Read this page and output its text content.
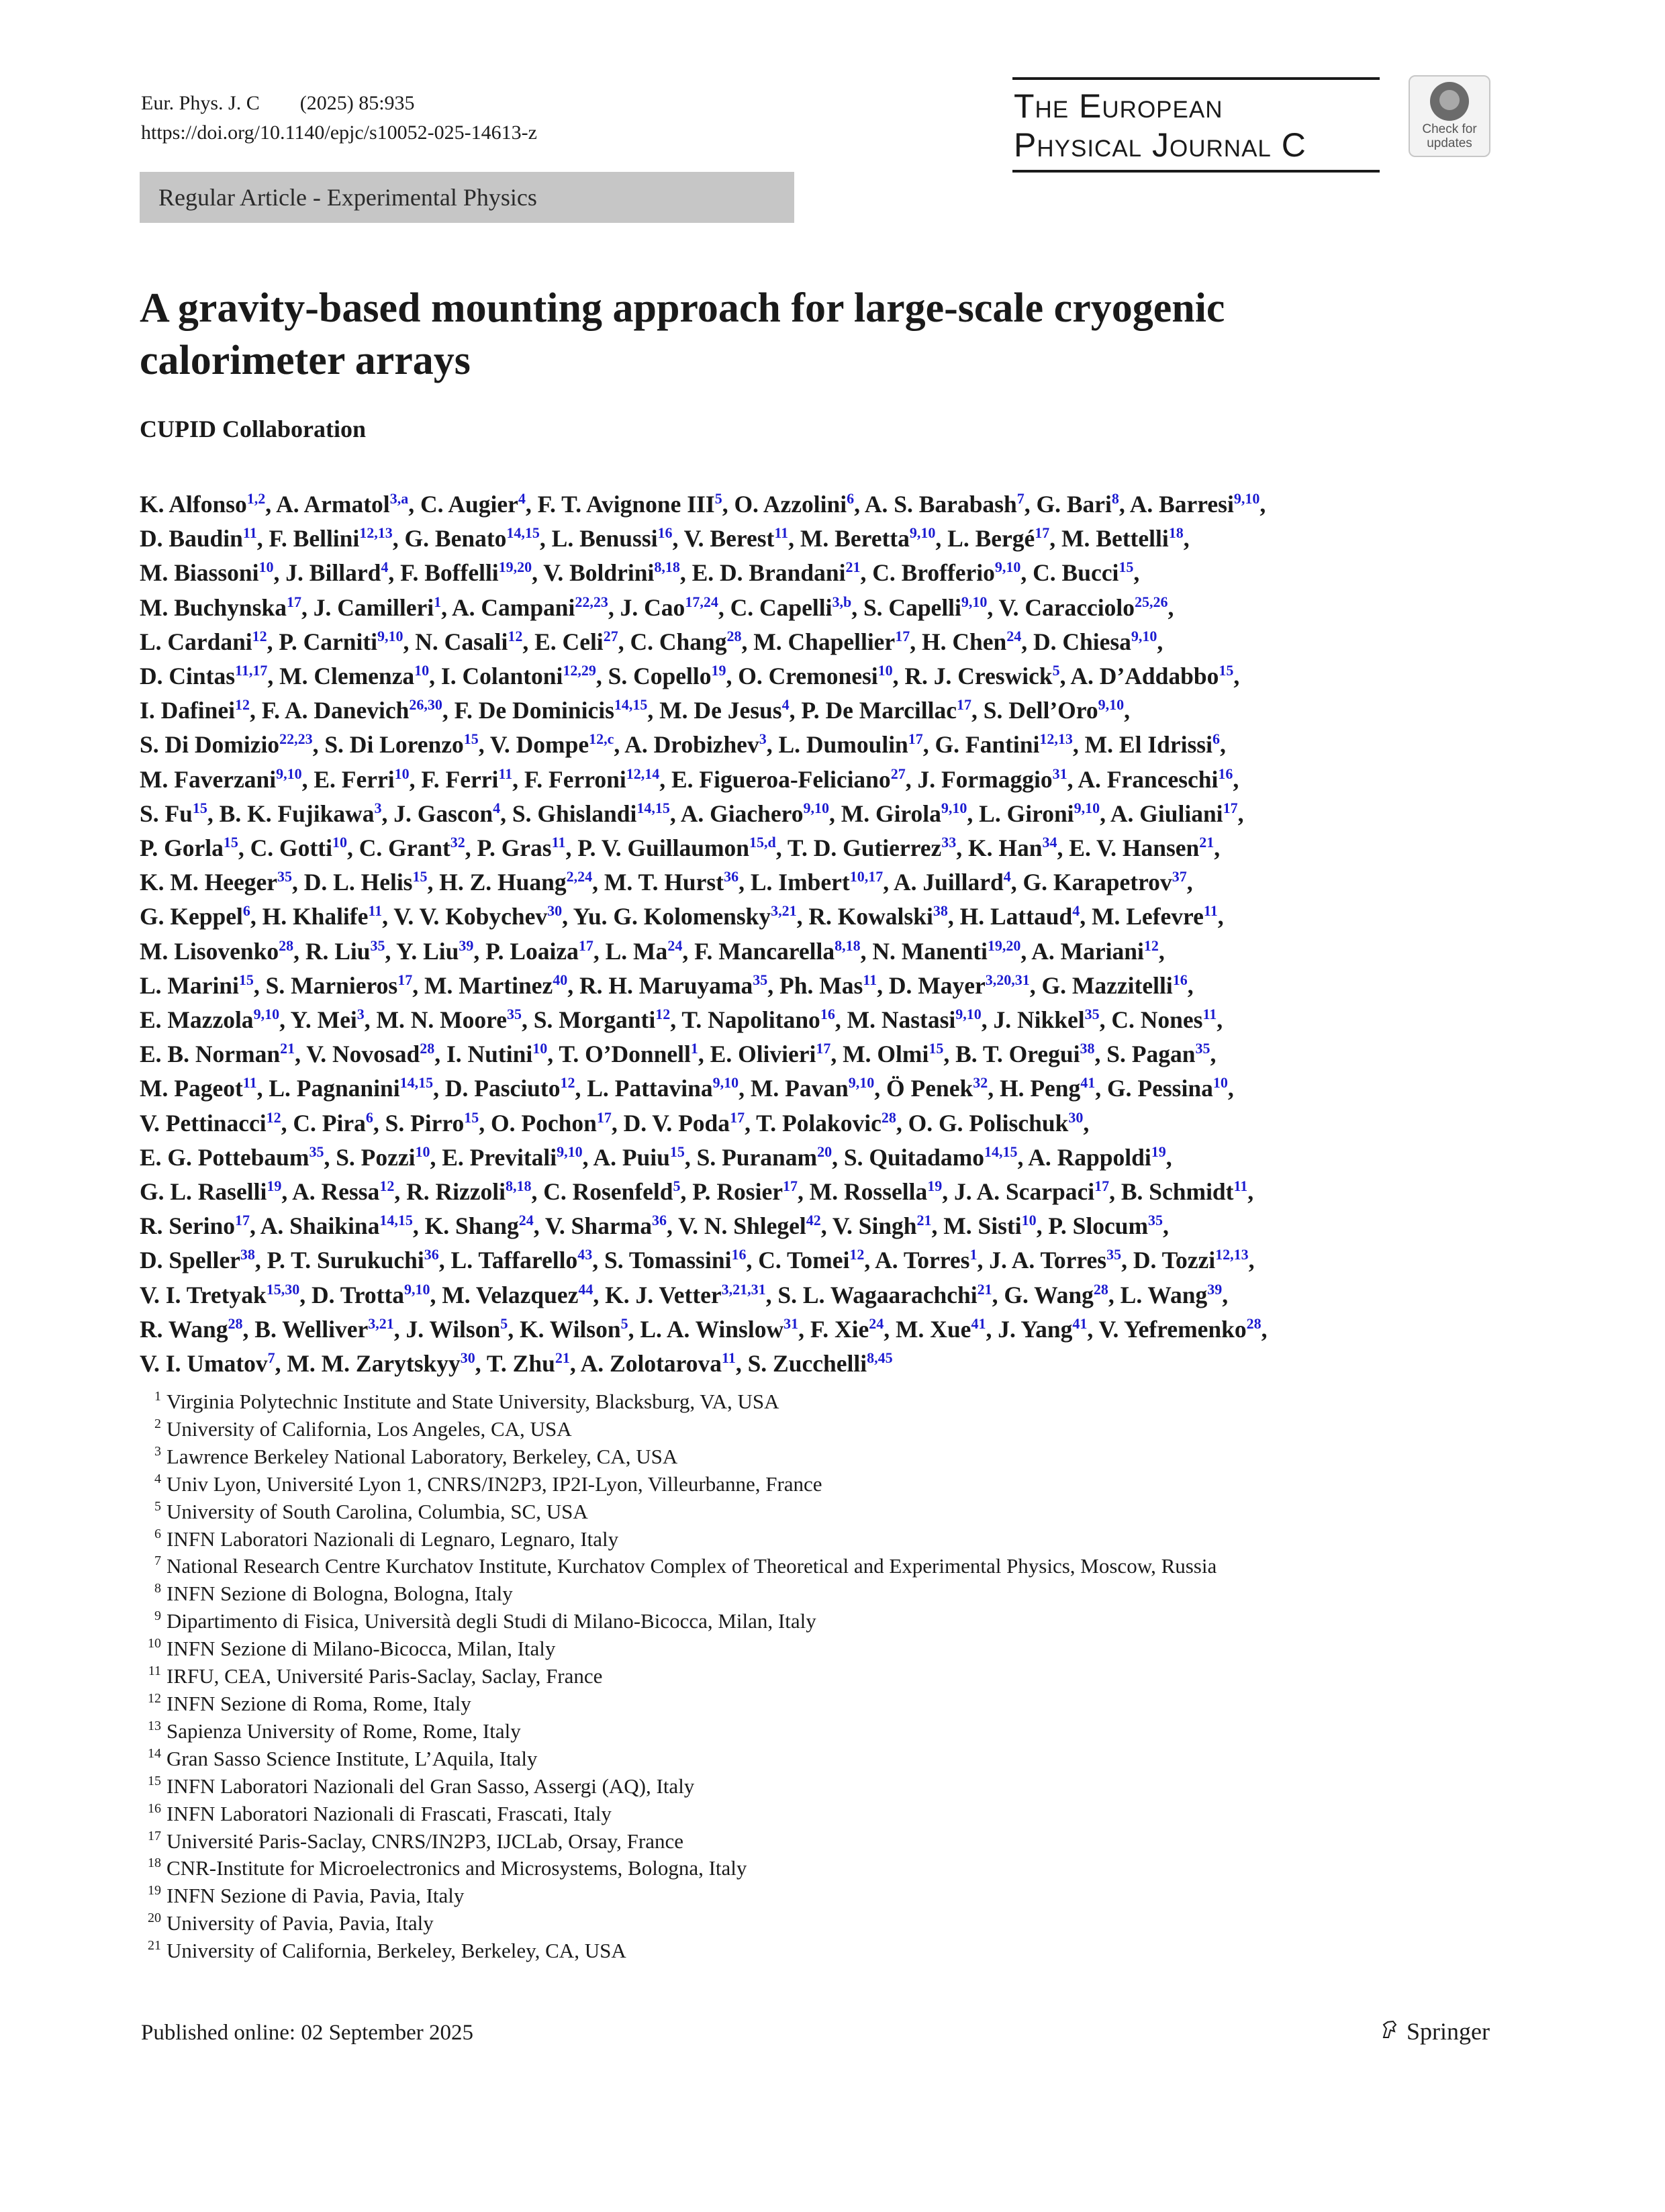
Eur. Phys. J. C (2025) 85:935
https://doi.org/10.1140/epjc/s10052-025-14613-z
The European
Physical Journal C	Check for updates
Regular Article - Experimental Physics
A gravity-based mounting approach for large-scale cryogenic
calorimeter arrays
CUPID Collaboration
K. Alfonso$^{1,2}$, A. Armatol$^{3,a}$, C. Augier$^4$, F. T. Avignone III$^5$, O. Azzolini$^6$, A. S. Barabash$^7$, G. Bari$^8$, A. Barresi$^{9,10}$,
D. Baudin$^{11}$, F. Bellini$^{12,13}$, G. Benato$^{14,15}$, L. Benussi$^{16}$, V. Berest$^{11}$, M. Beretta$^{9,10}$, L. Bergé$^{17}$, M. Bettelli$^{18}$,
M. Biassoni$^{10}$, J. Billard$^4$, F. Boffelli$^{19,20}$, V. Boldrini$^{8,18}$, E. D. Brandani$^{21}$, C. Brofferio$^{9,10}$, C. Bucci$^{15}$,
M. Buchynska$^{17}$, J. Camilleri$^1$, A. Campani$^{22,23}$, J. Cao$^{17,24}$, C. Capelli$^{3,b}$, S. Capelli$^{9,10}$, V. Caracciolo$^{25,26}$,
L. Cardani$^{12}$, P. Carniti$^{9,10}$, N. Casali$^{12}$, E. Celi$^{27}$, C. Chang$^{28}$, M. Chapellier$^{17}$, H. Chen$^{24}$, D. Chiesa$^{9,10}$,
D. Cintas$^{11,17}$, M. Clemenza$^{10}$, I. Colantoni$^{12,29}$, S. Copello$^{19}$, O. Cremonesi$^{10}$, R. J. Creswick$^5$, A. D’Addabbo$^{15}$,
I. Dafinei$^{12}$, F. A. Danevich$^{26,30}$, F. De Dominicis$^{14,15}$, M. De Jesus$^4$, P. De Marcillac$^{17}$, S. Dell’Oro$^{9,10}$,
S. Di Domizio$^{22,23}$, S. Di Lorenzo$^{15}$, V. Dompe$^{12,c}$, A. Drobizhev$^3$, L. Dumoulin$^{17}$, G. Fantini$^{12,13}$, M. El Idrissi$^6$,
M. Faverzani$^{9,10}$, E. Ferri$^{10}$, F. Ferri$^{11}$, F. Ferroni$^{12,14}$, E. Figueroa-Feliciano$^{27}$, J. Formaggio$^{31}$, A. Franceschi$^{16}$,
S. Fu$^{15}$, B. K. Fujikawa$^3$, J. Gascon$^4$, S. Ghislandi$^{14,15}$, A. Giachero$^{9,10}$, M. Girola$^{9,10}$, L. Gironi$^{9,10}$, A. Giuliani$^{17}$,
P. Gorla$^{15}$, C. Gotti$^{10}$, C. Grant$^{32}$, P. Gras$^{11}$, P. V. Guillaumon$^{15,d}$, T. D. Gutierrez$^{33}$, K. Han$^{34}$, E. V. Hansen$^{21}$,
K. M. Heeger$^{35}$, D. L. Helis$^{15}$, H. Z. Huang$^{2,24}$, M. T. Hurst$^{36}$, L. Imbert$^{10,17}$, A. Juillard$^4$, G. Karapetrov$^{37}$,
G. Keppel$^6$, H. Khalife$^{11}$, V. V. Kobychev$^{30}$, Yu. G. Kolomensky$^{3,21}$, R. Kowalski$^{38}$, H. Lattaud$^4$, M. Lefevre$^{11}$,
M. Lisovenko$^{28}$, R. Liu$^{35}$, Y. Liu$^{39}$, P. Loaiza$^{17}$, L. Ma$^{24}$, F. Mancarella$^{8,18}$, N. Manenti$^{19,20}$, A. Mariani$^{12}$,
L. Marini$^{15}$, S. Marnieros$^{17}$, M. Martinez$^{40}$, R. H. Maruyama$^{35}$, Ph. Mas$^{11}$, D. Mayer$^{3,20,31}$, G. Mazzitelli$^{16}$,
E. Mazzola$^{9,10}$, Y. Mei$^3$, M. N. Moore$^{35}$, S. Morganti$^{12}$, T. Napolitano$^{16}$, M. Nastasi$^{9,10}$, J. Nikkel$^{35}$, C. Nones$^{11}$,
E. B. Norman$^{21}$, V. Novosad$^{28}$, I. Nutini$^{10}$, T. O’Donnell$^1$, E. Olivieri$^{17}$, M. Olmi$^{15}$, B. T. Oregui$^{38}$, S. Pagan$^{35}$,
M. Pageot$^{11}$, L. Pagnanini$^{14,15}$, D. Pasciuto$^{12}$, L. Pattavina$^{9,10}$, M. Pavan$^{9,10}$, Ö Penek$^{32}$, H. Peng$^{41}$, G. Pessina$^{10}$,
V. Pettinacci$^{12}$, C. Pira$^6$, S. Pirro$^{15}$, O. Pochon$^{17}$, D. V. Poda$^{17}$, T. Polakovic$^{28}$, O. G. Polischuk$^{30}$,
E. G. Pottebaum$^{35}$, S. Pozzi$^{10}$, E. Previtali$^{9,10}$, A. Puiu$^{15}$, S. Puranam$^{20}$, S. Quitadamo$^{14,15}$, A. Rappoldi$^{19}$,
G. L. Raselli$^{19}$, A. Ressa$^{12}$, R. Rizzoli$^{8,18}$, C. Rosenfeld$^5$, P. Rosier$^{17}$, M. Rossella$^{19}$, J. A. Scarpaci$^{17}$, B. Schmidt$^{11}$,
R. Serino$^{17}$, A. Shaikina$^{14,15}$, K. Shang$^{24}$, V. Sharma$^{36}$, V. N. Shlegel$^{42}$, V. Singh$^{21}$, M. Sisti$^{10}$, P. Slocum$^{35}$,
D. Speller$^{38}$, P. T. Surukuchi$^{36}$, L. Taffarello$^{43}$, S. Tomassini$^{16}$, C. Tomei$^{12}$, A. Torres$^1$, J. A. Torres$^{35}$, D. Tozzi$^{12,13}$,
V. I. Tretyak$^{15,30}$, D. Trotta$^{9,10}$, M. Velazquez$^{44}$, K. J. Vetter$^{3,21,31}$, S. L. Wagaarachchi$^{21}$, G. Wang$^{28}$, L. Wang$^{39}$,
R. Wang$^{28}$, B. Welliver$^{3,21}$, J. Wilson$^5$, K. Wilson$^5$, L. A. Winslow$^{31}$, F. Xie$^{24}$, M. Xue$^{41}$, J. Yang$^{41}$, V. Yefremenko$^{28}$,
V. I. Umatov$^7$, M. M. Zarytskyy$^{30}$, T. Zhu$^{21}$, A. Zolotarova$^{11}$, S. Zucchelli$^{8,45}$
1 Virginia Polytechnic Institute and State University, Blacksburg, VA, USA
2 University of California, Los Angeles, CA, USA
3 Lawrence Berkeley National Laboratory, Berkeley, CA, USA
4 Univ Lyon, Université Lyon 1, CNRS/IN2P3, IP2I-Lyon, Villeurbanne, France
5 University of South Carolina, Columbia, SC, USA
6 INFN Laboratori Nazionali di Legnaro, Legnaro, Italy
7 National Research Centre Kurchatov Institute, Kurchatov Complex of Theoretical and Experimental Physics, Moscow, Russia
8 INFN Sezione di Bologna, Bologna, Italy
9 Dipartimento di Fisica, Università degli Studi di Milano-Bicocca, Milan, Italy
10 INFN Sezione di Milano-Bicocca, Milan, Italy
11 IRFU, CEA, Université Paris-Saclay, Saclay, France
12 INFN Sezione di Roma, Rome, Italy
13 Sapienza University of Rome, Rome, Italy
14 Gran Sasso Science Institute, L’Aquila, Italy
15 INFN Laboratori Nazionali del Gran Sasso, Assergi (AQ), Italy
16 INFN Laboratori Nazionali di Frascati, Frascati, Italy
17 Université Paris-Saclay, CNRS/IN2P3, IJCLab, Orsay, France
18 CNR-Institute for Microelectronics and Microsystems, Bologna, Italy
19 INFN Sezione di Pavia, Pavia, Italy
20 University of Pavia, Pavia, Italy
21 University of California, Berkeley, Berkeley, CA, USA
Published online: 02 September 2025	Springer
